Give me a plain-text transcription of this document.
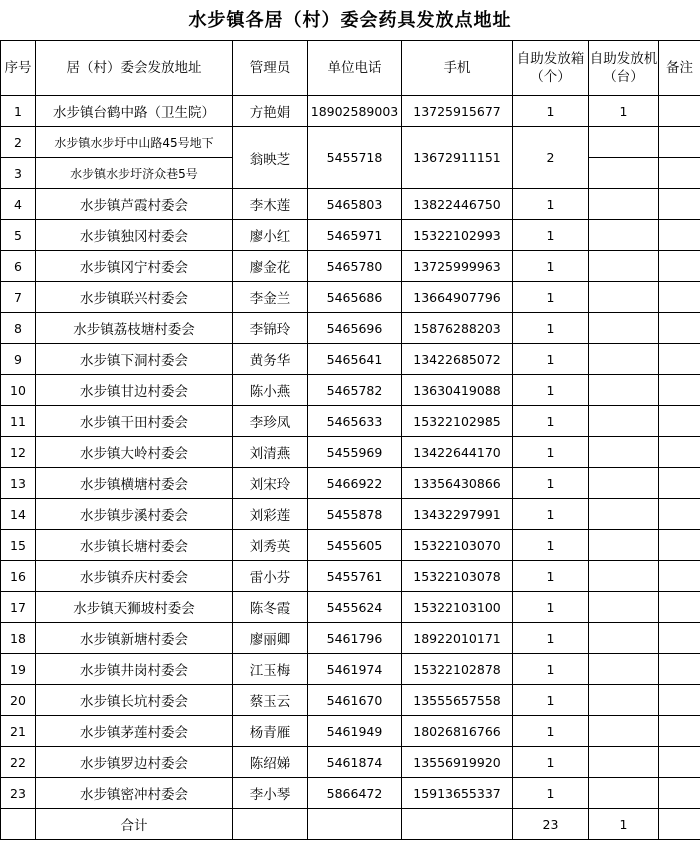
水步镇各居（村）委会药具发放点地址
序号	居（村）委会发放地址	管理员	单位电话	手机	自助发放箱（个）	自助发放机（台）	备注
1	水步镇台鹤中路（卫生院）	方艳娟	18902589003	13725915677	1	1	
2	水步镇水步圩中山路45号地下	翁映芝	5455718	13672911151	2		
3	水步镇水步圩济众巷5号						
4	水步镇芦霞村委会	李木莲	5465803	13822446750	1		
5	水步镇独冈村委会	廖小红	5465971	15322102993	1		
6	水步镇冈宁村委会	廖金花	5465780	13725999963	1		
7	水步镇联兴村委会	李金兰	5465686	13664907796	1		
8	水步镇荔枝塘村委会	李锦玲	5465696	15876288203	1		
9	水步镇下洞村委会	黄务华	5465641	13422685072	1		
10	水步镇甘边村委会	陈小燕	5465782	13630419088	1		
11	水步镇干田村委会	李珍凤	5465633	15322102985	1		
12	水步镇大岭村委会	刘清燕	5455969	13422644170	1		
13	水步镇横塘村委会	刘宋玲	5466922	13356430866	1		
14	水步镇步溪村委会	刘彩莲	5455878	13432297991	1		
15	水步镇长塘村委会	刘秀英	5455605	15322103070	1		
16	水步镇乔庆村委会	雷小芬	5455761	15322103078	1		
17	水步镇天狮坡村委会	陈冬霞	5455624	15322103100	1		
18	水步镇新塘村委会	廖丽卿	5461796	18922010171	1		
19	水步镇井岗村委会	江玉梅	5461974	15322102878	1		
20	水步镇长坑村委会	蔡玉云	5461670	13555657558	1		
21	水步镇茅莲村委会	杨青雁	5461949	18026816766	1		
22	水步镇罗边村委会	陈绍娣	5461874	13556919920	1		
23	水步镇密冲村委会	李小琴	5866472	15913655337	1		
	合计				23	1	
